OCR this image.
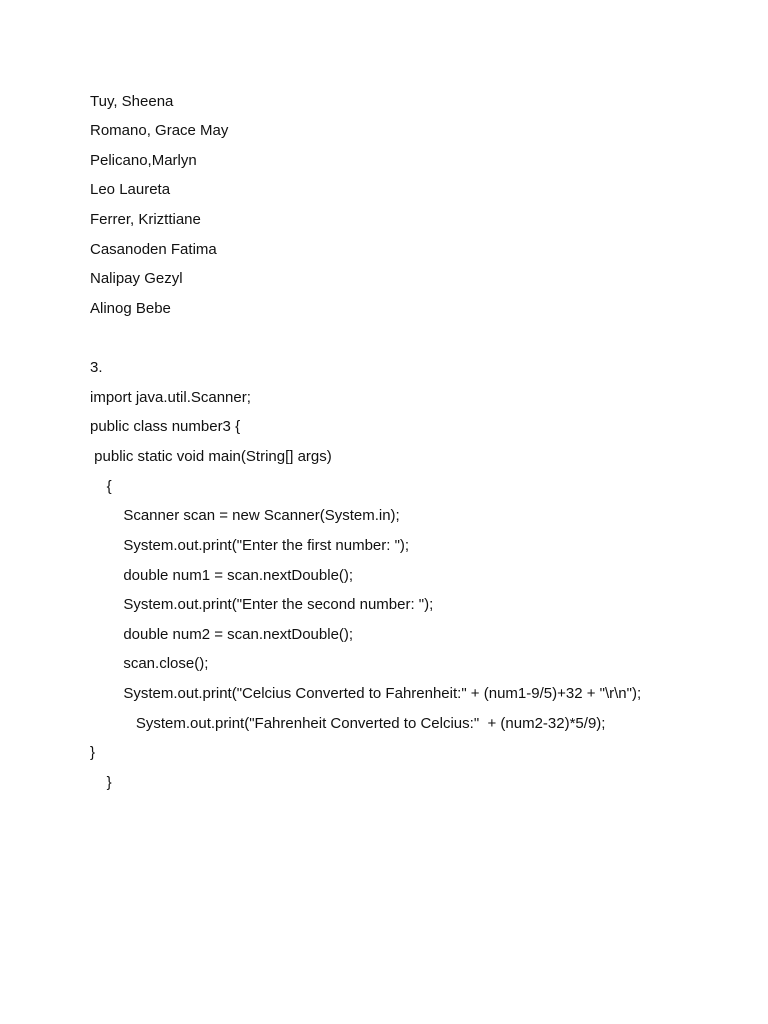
Tuy, Sheena
Romano, Grace May
Pelicano,Marlyn
Leo Laureta
Ferrer, Krizttiane
Casanoden Fatima
Nalipay Gezyl
Alinog Bebe
3.
import java.util.Scanner;
public class number3 {
public static void main(String[] args)
{
Scanner scan = new Scanner(System.in);
System.out.print("Enter the first number: ");
double num1 = scan.nextDouble();
System.out.print("Enter the second number: ");
double num2 = scan.nextDouble();
scan.close();
System.out.print("Celcius Converted to Fahrenheit:" + (num1-9/5)+32 + "\r\n");
System.out.print("Fahrenheit Converted to Celcius:"  + (num2-32)*5/9);
}
}
